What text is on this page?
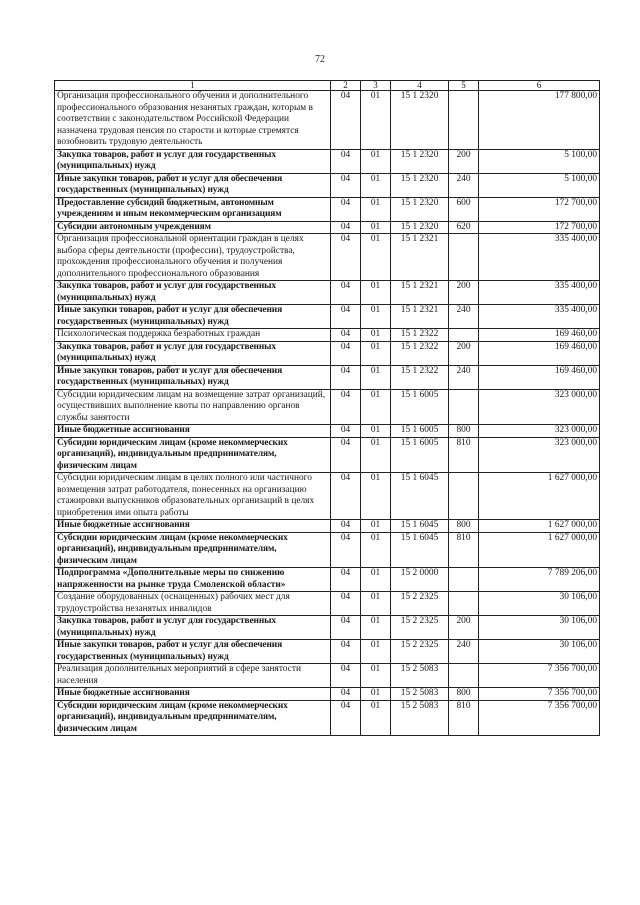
72
1	2	3	4	5	6
Организация профессионального обучения и дополнительного профессионального образования незанятых граждан, которым в соответствии с законодательством Российской Федерации назначена трудовая пенсия по старости и которые стремятся возобновить трудовую деятельность	04	01	15 1 2320		177 800,00
Закупка товаров, работ и услуг для государственных (муниципальных) нужд	04	01	15 1 2320	200	5 100,00
Иные закупки товаров, работ и услуг для обеспечения государственных (муниципальных) нужд	04	01	15 1 2320	240	5 100,00
Предоставление субсидий бюджетным, автономным учреждениям и иным некоммерческим организациям	04	01	15 1 2320	600	172 700,00
Субсидии автономным учреждениям	04	01	15 1 2320	620	172 700,00
Организация профессиональной ориентации граждан в целях выбора сферы деятельности (профессии), трудоустройства, прохождения профессионального обучения и получения дополнительного профессионального образования	04	01	15 1 2321		335 400,00
Закупка товаров, работ и услуг для государственных (муниципальных) нужд	04	01	15 1 2321	200	335 400,00
Иные закупки товаров, работ и услуг для обеспечения государственных (муниципальных) нужд	04	01	15 1 2321	240	335 400,00
Психологическая поддержка безработных граждан	04	01	15 1 2322		169 460,00
Закупка товаров, работ и услуг для государственных (муниципальных) нужд	04	01	15 1 2322	200	169 460,00
Иные закупки товаров, работ и услуг для обеспечения государственных (муниципальных) нужд	04	01	15 1 2322	240	169 460,00
Субсидии юридическим лицам на возмещение затрат организаций, осуществивших выполнение квоты по направлению органов службы занятости	04	01	15 1 6005		323 000,00
Иные бюджетные ассигнования	04	01	15 1 6005	800	323 000,00
Субсидии юридическим лицам (кроме некоммерческих организаций), индивидуальным предпринимателям, физическим лицам	04	01	15 1 6005	810	323 000,00
Субсидии юридическим лицам в целях полного или частичного возмещения затрат работодателя, понесенных на организацию стажировки выпускников образовательных организаций в целях приобретения ими опыта работы	04	01	15 1 6045		1 627 000,00
Иные бюджетные ассигнования	04	01	15 1 6045	800	1 627 000,00
Субсидии юридическим лицам (кроме некоммерческих организаций), индивидуальным предпринимателям, физическим лицам	04	01	15 1 6045	810	1 627 000,00
Подпрограмма «Дополнительные меры по снижению напряженности на рынке труда Смоленской области»	04	01	15 2 0000		7 789 206,00
Создание оборудованных (оснащенных) рабочих мест для трудоустройства незанятых инвалидов	04	01	15 2 2325		30 106,00
Закупка товаров, работ и услуг для государственных (муниципальных) нужд	04	01	15 2 2325	200	30 106,00
Иные закупки товаров, работ и услуг для обеспечения государственных (муниципальных) нужд	04	01	15 2 2325	240	30 106,00
Реализация дополнительных мероприятий в сфере занятости населения	04	01	15 2 5083		7 356 700,00
Иные бюджетные ассигнования	04	01	15 2 5083	800	7 356 700,00
Субсидии юридическим лицам (кроме некоммерческих организаций), индивидуальным предпринимателям, физическим лицам	04	01	15 2 5083	810	7 356 700,00
